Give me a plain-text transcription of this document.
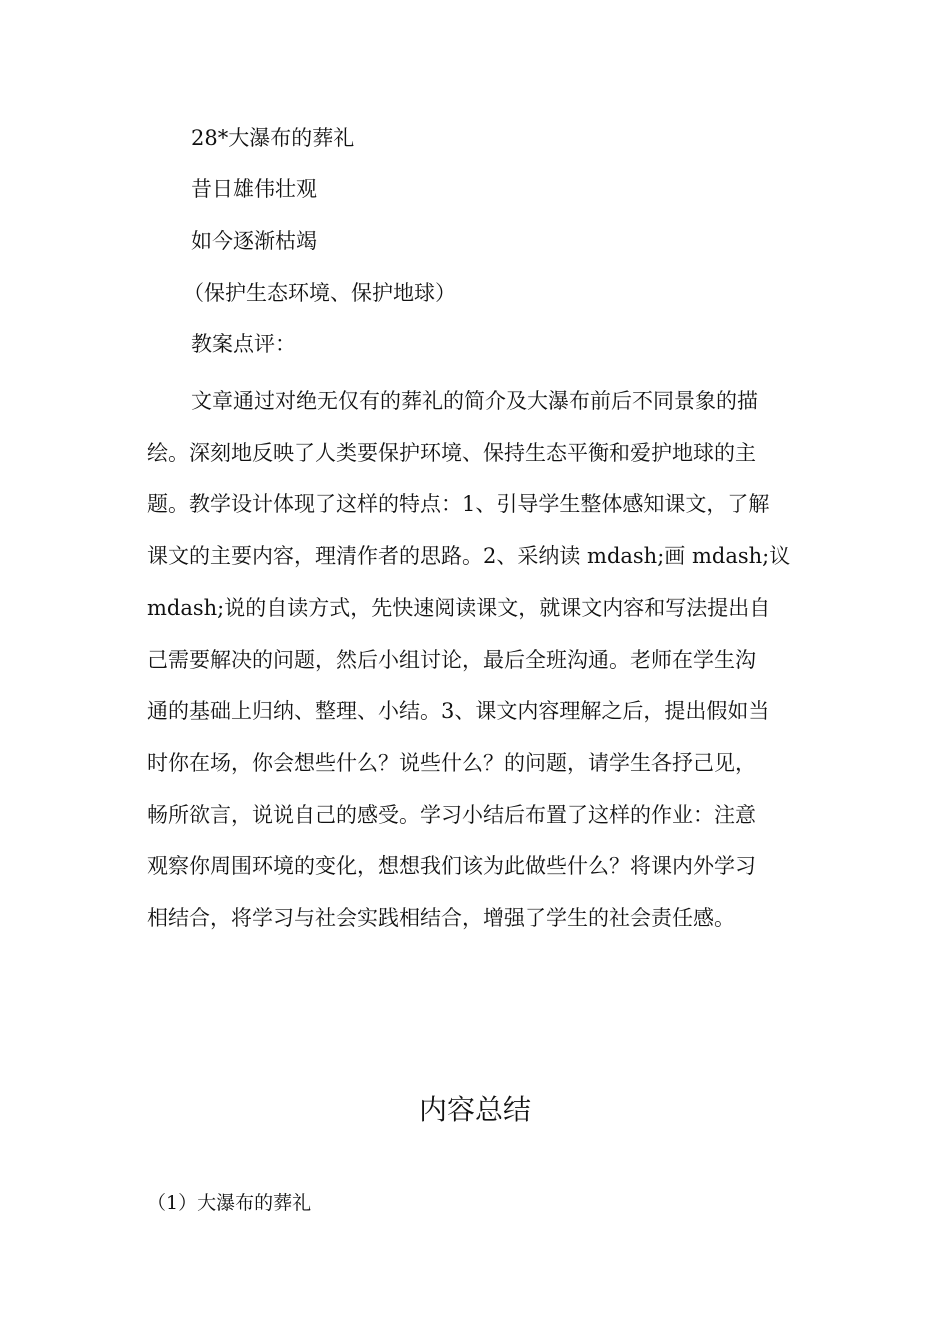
28*大瀑布的葬礼
昔日雄伟壮观
如今逐渐枯竭
（保护生态环境、保护地球）
教案点评：
文章通过对绝无仅有的葬礼的简介及大瀑布前后不同景象的描
绘。深刻地反映了人类要保护环境、保持生态平衡和爱护地球的主
题。教学设计体现了这样的特点：1、引导学生整体感知课文，了解
课文的主要内容，理清作者的思路。2、采纳读 mdash;画 mdash;议
mdash;说的自读方式，先快速阅读课文，就课文内容和写法提出自
己需要解决的问题，然后小组讨论，最后全班沟通。老师在学生沟
通的基础上归纳、整理、小结。3、课文内容理解之后，提出假如当
时你在场，你会想些什么？说些什么？的问题，请学生各抒己见，
畅所欲言，说说自己的感受。学习小结后布置了这样的作业：注意
观察你周围环境的变化，想想我们该为此做些什么？将课内外学习
相结合，将学习与社会实践相结合，增强了学生的社会责任感。
内容总结
（1）大瀑布的葬礼
